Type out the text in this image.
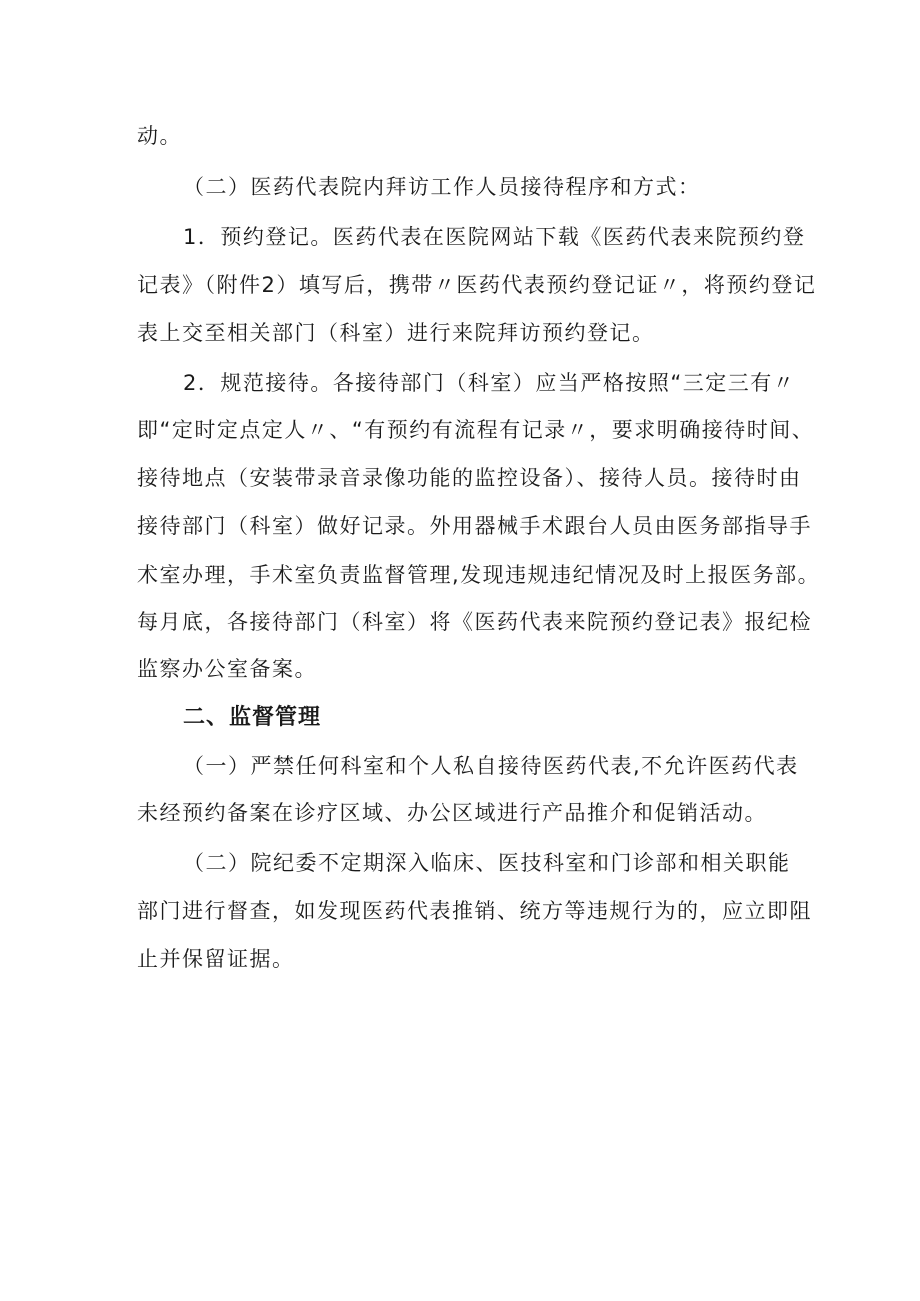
动。
（二）医药代表院内拜访工作人员接待程序和方式：
1．预约登记。医药代表在医院网站下载《医药代表来院预约登
记表》（附件2）填写后，携带〃医药代表预约登记证〃，将预约登记
表上交至相关部门（科室）进行来院拜访预约登记。
2．规范接待。各接待部门（科室）应当严格按照“三定三有〃
即“定时定点定人〃、“有预约有流程有记录〃，要求明确接待时间、
接待地点（安装带录音录像功能的监控设备）、接待人员。接待时由
接待部门（科室）做好记录。外用器械手术跟台人员由医务部指导手
术室办理，手术室负责监督管理,发现违规违纪情况及时上报医务部。
每月底，各接待部门（科室）将《医药代表来院预约登记表》报纪检
监察办公室备案。
二、监督管理
（一）严禁任何科室和个人私自接待医药代表,不允许医药代表
未经预约备案在诊疗区域、办公区域进行产品推介和促销活动。
（二）院纪委不定期深入临床、医技科室和门诊部和相关职能
部门进行督查，如发现医药代表推销、统方等违规行为的，应立即阻
止并保留证据。
